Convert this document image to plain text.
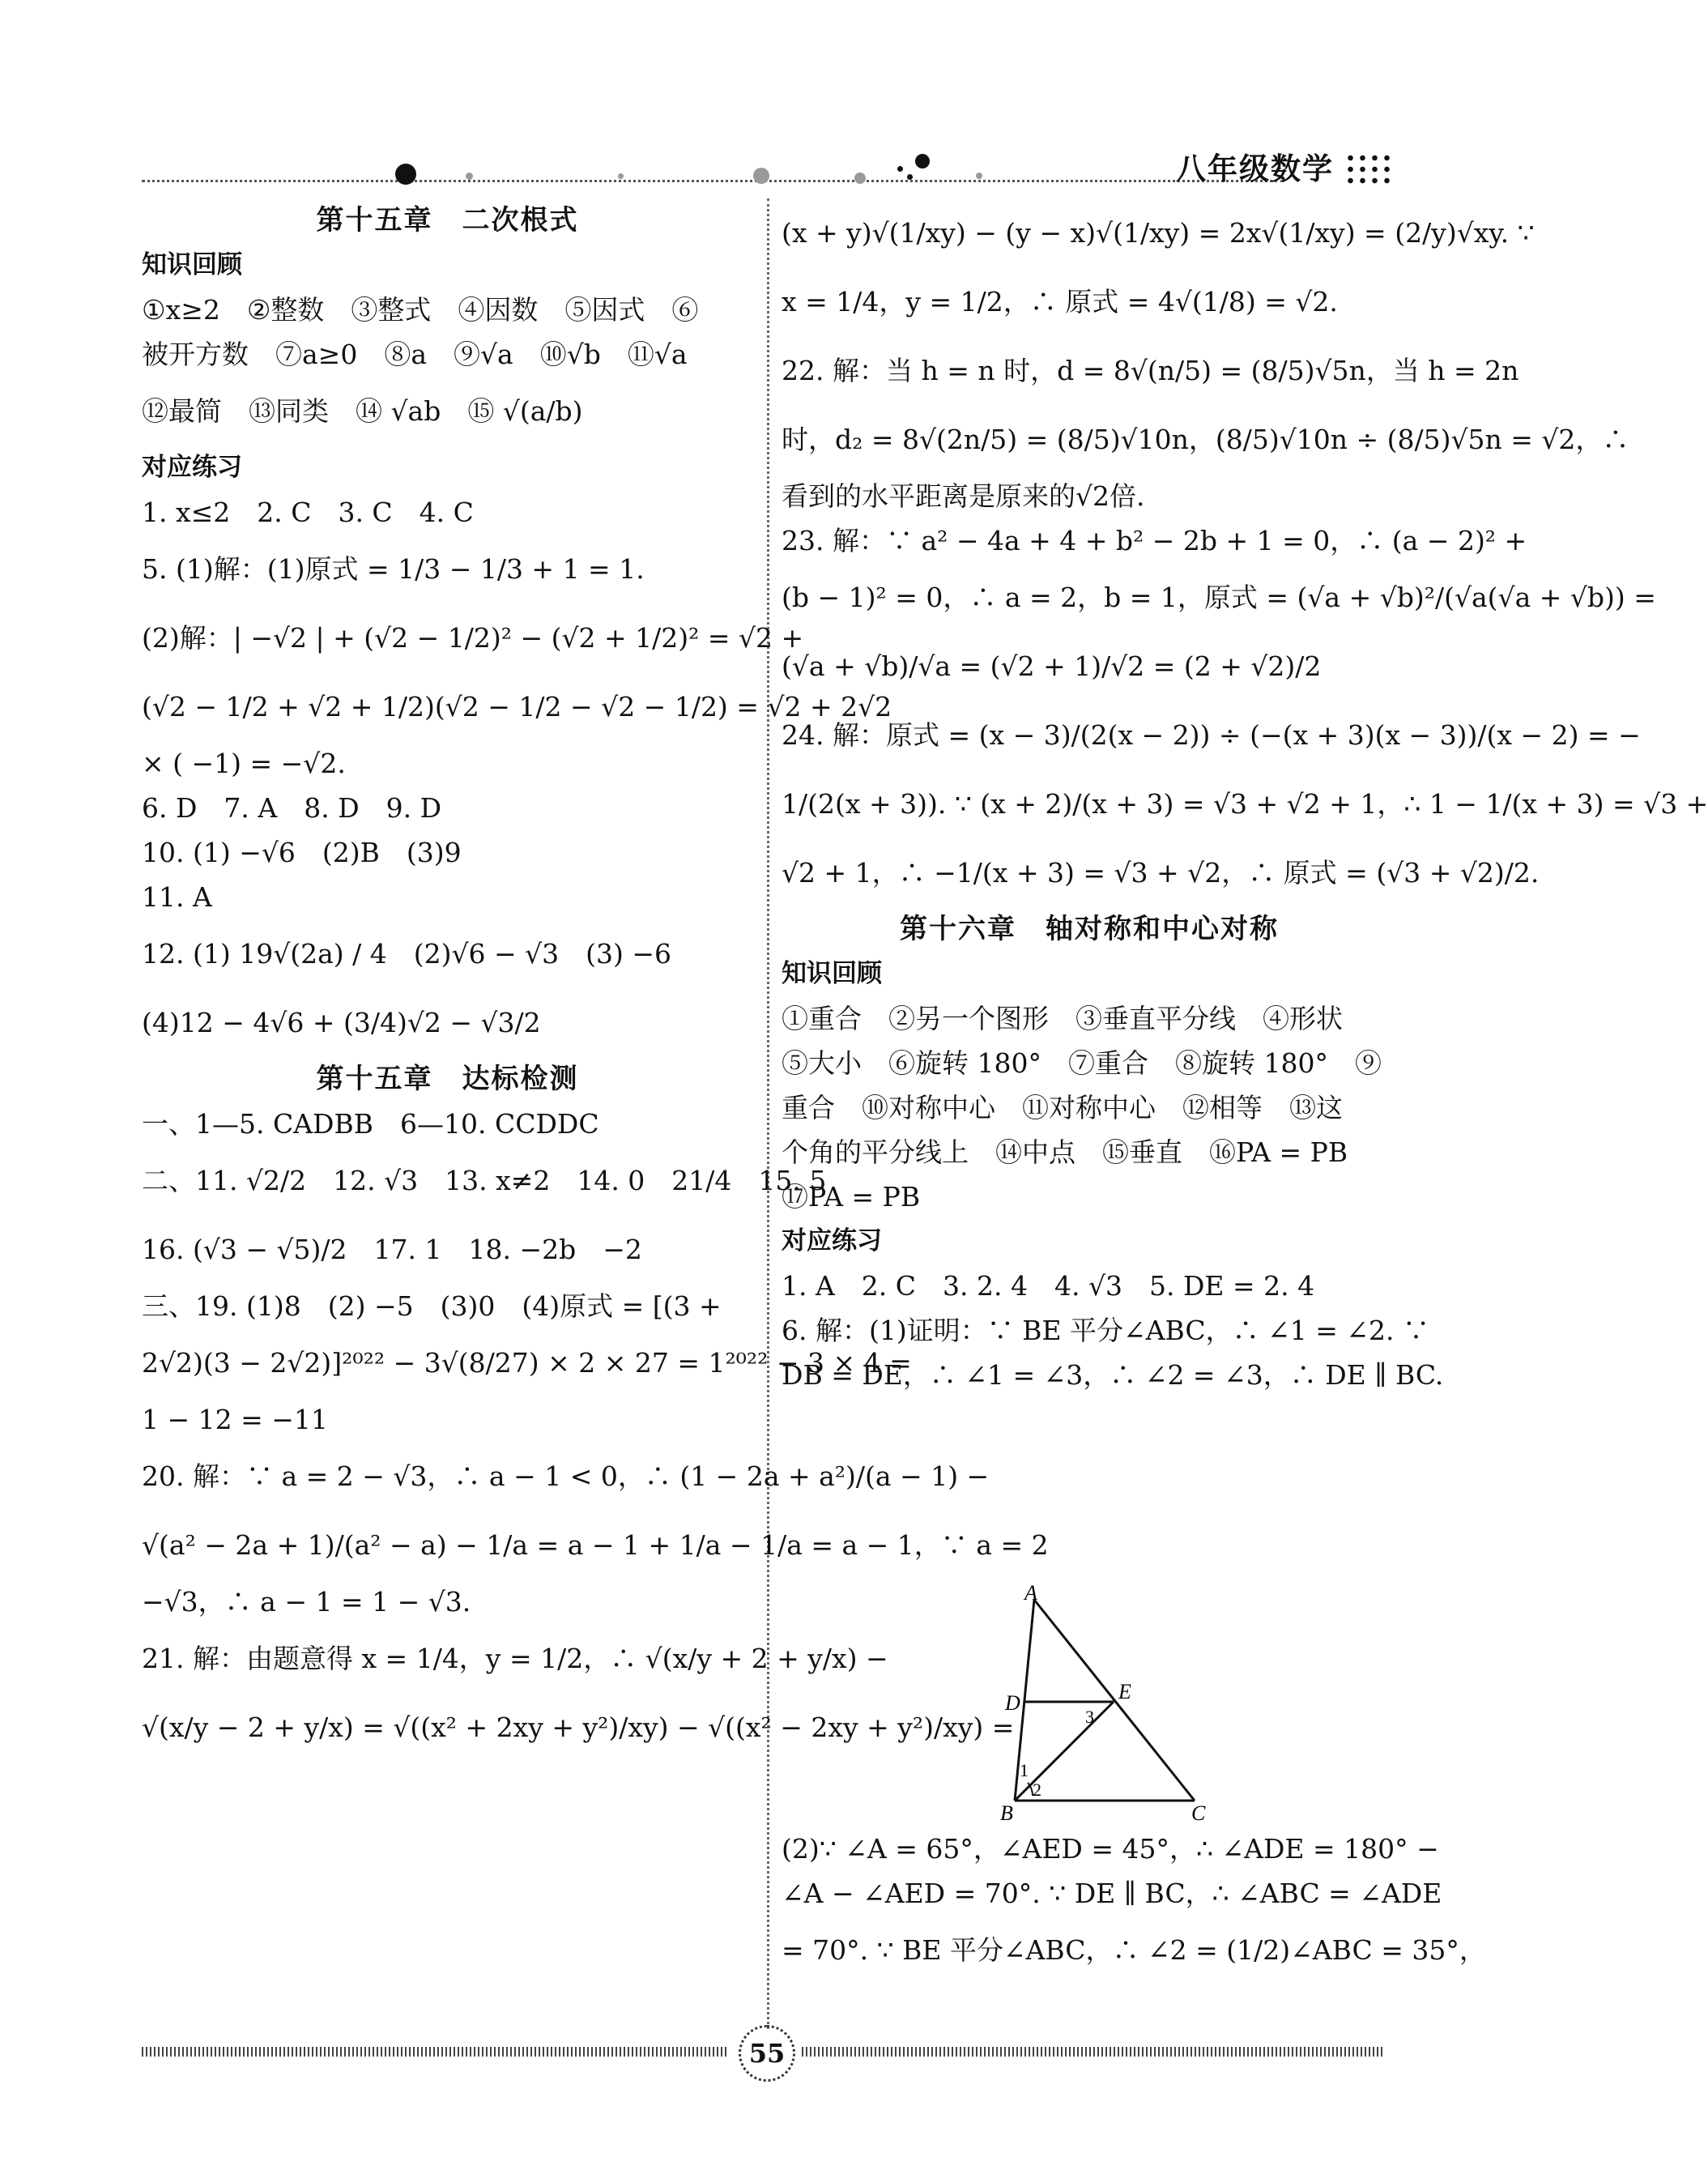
八年级数学
第十五章　二次根式
知识回顾
①x≥2　②整数　③整式　④因数　⑤因式　⑥
被开方数　⑦a≥0　⑧a　⑨√a　⑩√b　⑪√a
⑫最简　⑬同类　⑭ √ab　⑮ √(a/b)
对应练习
1. x≤2　2. C　3. C　4. C
5. (1)解：(1)原式 = 1/3 − 1/3 + 1 = 1.
(2)解：| −√2 | + (√2 − 1/2)² − (√2 + 1/2)² = √2 +
(√2 − 1/2 + √2 + 1/2)(√2 − 1/2 − √2 − 1/2) = √2 + 2√2
× ( −1) = −√2.
6. D　7. A　8. D　9. D
10. (1) −√6　(2)B　(3)9
11. A
12. (1) 19√(2a) / 4　(2)√6 − √3　(3) −6
(4)12 − 4√6 + (3/4)√2 − √3/2
第十五章　达标检测
一、1—5. CADBB　6—10. CCDDC
二、11. √2/2　12. √3　13. x≠2　14. 0　21/4　15. 5
16. (√3 − √5)/2　17. 1　18. −2b　−2
三、19. (1)8　(2) −5　(3)0　(4)原式 = [(3 +
2√2)(3 − 2√2)]²⁰²² − 3√(8/27) × 2 × 27 = 1²⁰²² − 3 × 4 =
1 − 12 = −11
20. 解：∵ a = 2 − √3，∴ a − 1 < 0，∴ (1 − 2a + a²)/(a − 1) −
√(a² − 2a + 1)/(a² − a) − 1/a = a − 1 + 1/a − 1/a = a − 1，∵ a = 2
−√3，∴ a − 1 = 1 − √3.
21. 解：由题意得 x = 1/4，y = 1/2，∴ √(x/y + 2 + y/x) −
√(x/y − 2 + y/x) = √((x² + 2xy + y²)/xy) − √((x² − 2xy + y²)/xy) =
(x + y)√(1/xy) − (y − x)√(1/xy) = 2x√(1/xy) = (2/y)√xy. ∵
x = 1/4，y = 1/2，∴ 原式 = 4√(1/8) = √2.
22. 解：当 h = n 时，d = 8√(n/5) = (8/5)√5n，当 h = 2n
时，d₂ = 8√(2n/5) = (8/5)√10n，(8/5)√10n ÷ (8/5)√5n = √2，∴
看到的水平距离是原来的√2倍.
23. 解：∵ a² − 4a + 4 + b² − 2b + 1 = 0，∴ (a − 2)² +
(b − 1)² = 0，∴ a = 2，b = 1，原式 = (√a + √b)²/(√a(√a + √b)) =
(√a + √b)/√a = (√2 + 1)/√2 = (2 + √2)/2
24. 解：原式 = (x − 3)/(2(x − 2)) ÷ (−(x + 3)(x − 3))/(x − 2) = −
1/(2(x + 3)). ∵ (x + 2)/(x + 3) = √3 + √2 + 1，∴ 1 − 1/(x + 3) = √3 +
√2 + 1，∴ −1/(x + 3) = √3 + √2，∴ 原式 = (√3 + √2)/2.
第十六章　轴对称和中心对称
知识回顾
①重合　②另一个图形　③垂直平分线　④形状
⑤大小　⑥旋转 180°　⑦重合　⑧旋转 180°　⑨
重合　⑩对称中心　⑪对称中心　⑫相等　⑬这
个角的平分线上　⑭中点　⑮垂直　⑯PA = PB
⑰PA = PB
对应练习
1. A　2. C　3. 2. 4　4. √3　5. DE = 2. 4
6. 解：(1)证明：∵ BE 平分∠ABC，∴ ∠1 = ∠2. ∵
DB = DE，∴ ∠1 = ∠3，∴ ∠2 = ∠3，∴ DE ∥ BC.
(2)∵ ∠A = 65°，∠AED = 45°，∴ ∠ADE = 180° −
∠A − ∠AED = 70°. ∵ DE ∥ BC，∴ ∠ABC = ∠ADE
= 70°. ∵ BE 平分∠ABC，∴ ∠2 = (1/2)∠ABC = 35°，
A
D	E
3
1
2
B	C
55
